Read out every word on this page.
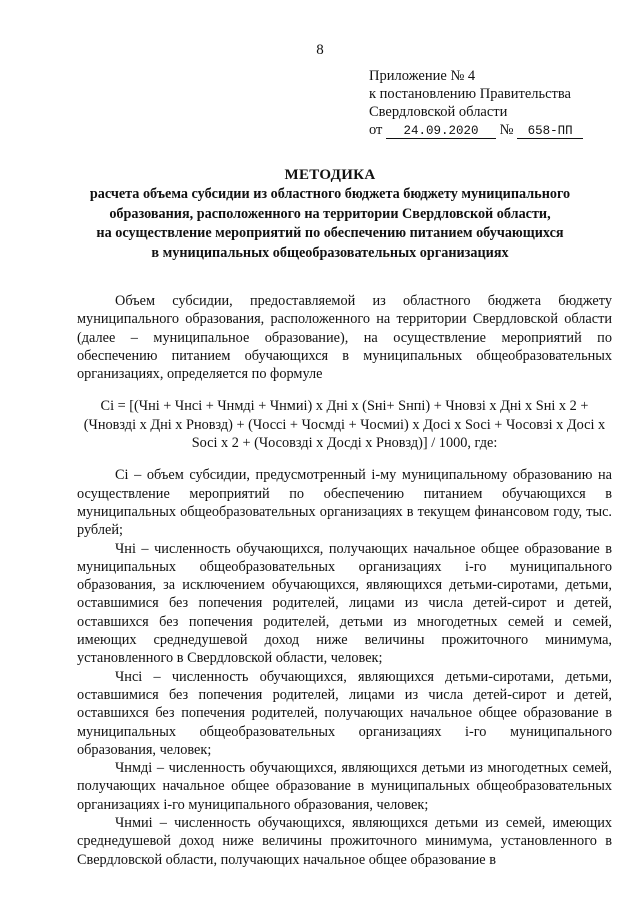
8
Приложение № 4
к постановлению Правительства
Свердловской области
от 24.09.2020 № 658-ПП
МЕТОДИКА
расчета объема субсидии из областного бюджета бюджету муниципального
образования, расположенного на территории Свердловской области,
на осуществление мероприятий по обеспечению питанием обучающихся
в муниципальных общеобразовательных организациях

Объем субсидии, предоставляемой из областного бюджета бюджету муниципального образования, расположенного на территории Свердловской области (далее – муниципальное образование), на осуществление мероприятий по обеспечению питанием обучающихся в муниципальных общеобразовательных организациях, определяется по формуле

Ci = [(Чнi + Чнсi + Чнмдi + Чнмиi) x Днi x (Sнi+ Sнпi) + Чновзi x Днi x Sнi x 2 + (Чновздi x Днi x Рновзд) + (Чоссi + Чосмдi + Чосмиi) x Досi x Sосi + Чосовзi x Досi x Sосi x 2 + (Чосовздi x Досдi x Рновзд)] / 1000, где:

Ci – объем субсидии, предусмотренный i-му муниципальному образованию на осуществление мероприятий по обеспечению питанием обучающихся в муниципальных общеобразовательных организациях в текущем финансовом году, тыс. рублей;

Чнi – численность обучающихся, получающих начальное общее образование в муниципальных общеобразовательных организациях i-го муниципального образования, за исключением обучающихся, являющихся детьми-сиротами, детьми, оставшимися без попечения родителей, лицами из числа детей-сирот и детей, оставшихся без попечения родителей, детьми из многодетных семей и семей, имеющих среднедушевой доход ниже величины прожиточного минимума, установленного в Свердловской области, человек;

Чнсi – численность обучающихся, являющихся детьми-сиротами, детьми, оставшимися без попечения родителей, лицами из числа детей-сирот и детей, оставшихся без попечения родителей, получающих начальное общее образование в муниципальных общеобразовательных организациях i-го муниципального образования, человек;

Чнмдi – численность обучающихся, являющихся детьми из многодетных семей, получающих начальное общее образование в муниципальных общеобразовательных организациях i-го муниципального образования, человек;

Чнмиi – численность обучающихся, являющихся детьми из семей, имеющих среднедушевой доход ниже величины прожиточного минимума, установленного в Свердловской области, получающих начальное общее образование в
